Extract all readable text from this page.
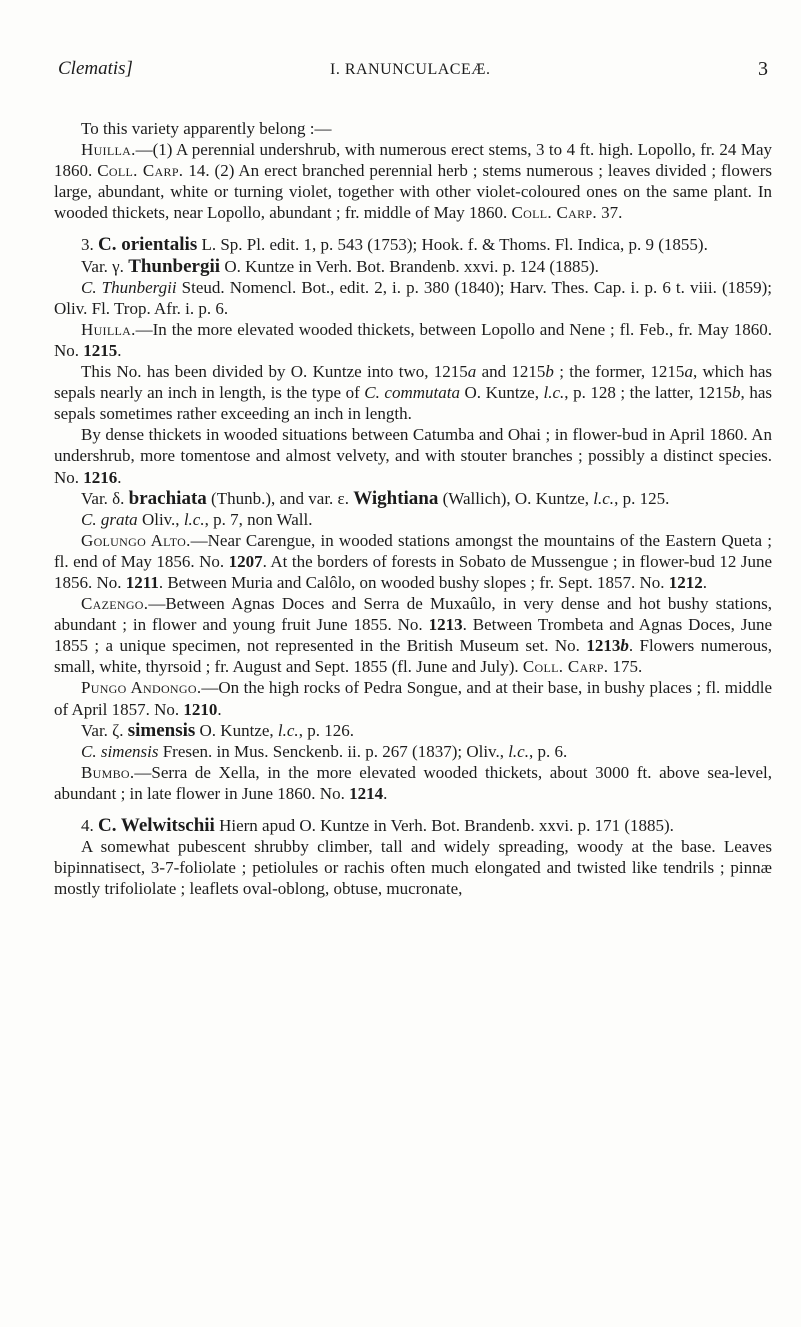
Clematis]	I. RANUNCULACEÆ.	3

To this variety apparently belong :—

Huilla.—(1) A perennial undershrub, with numerous erect stems, 3 to 4 ft. high. Lopollo, fr. 24 May 1860. Coll. Carp. 14. (2) An erect branched perennial herb ; stems numerous ; leaves divided ; flowers large, abundant, white or turning violet, together with other violet-coloured ones on the same plant. In wooded thickets, near Lopollo, abundant ; fr. middle of May 1860. Coll. Carp. 37.

3. C. orientalis L. Sp. Pl. edit. 1, p. 543 (1753); Hook. f. & Thoms. Fl. Indica, p. 9 (1855).

Var. γ. Thunbergii O. Kuntze in Verh. Bot. Brandenb. xxvi. p. 124 (1885).

C. Thunbergii Steud. Nomencl. Bot., edit. 2, i. p. 380 (1840); Harv. Thes. Cap. i. p. 6 t. viii. (1859); Oliv. Fl. Trop. Afr. i. p. 6.

Huilla.—In the more elevated wooded thickets, between Lopollo and Nene ; fl. Feb., fr. May 1860. No. 1215.

This No. has been divided by O. Kuntze into two, 1215a and 1215b ; the former, 1215a, which has sepals nearly an inch in length, is the type of C. commutata O. Kuntze, l.c., p. 128 ; the latter, 1215b, has sepals sometimes rather exceeding an inch in length.

By dense thickets in wooded situations between Catumba and Ohai ; in flower-bud in April 1860. An undershrub, more tomentose and almost velvety, and with stouter branches ; possibly a distinct species. No. 1216.

Var. δ. brachiata (Thunb.), and var. ε. Wightiana (Wallich), O. Kuntze, l.c., p. 125.

C. grata Oliv., l.c., p. 7, non Wall.

Golungo Alto.—Near Carengue, in wooded stations amongst the mountains of the Eastern Queta ; fl. end of May 1856. No. 1207. At the borders of forests in Sobato de Mussengue ; in flower-bud 12 June 1856. No. 1211. Between Muria and Calôlo, on wooded bushy slopes ; fr. Sept. 1857. No. 1212.

Cazengo.—Between Agnas Doces and Serra de Muxaûlo, in very dense and hot bushy stations, abundant ; in flower and young fruit June 1855. No. 1213. Between Trombeta and Agnas Doces, June 1855 ; a unique specimen, not represented in the British Museum set. No. 1213b. Flowers numerous, small, white, thyrsoid ; fr. August and Sept. 1855 (fl. June and July). Coll. Carp. 175.

Pungo Andongo.—On the high rocks of Pedra Songue, and at their base, in bushy places ; fl. middle of April 1857. No. 1210.

Var. ζ. simensis O. Kuntze, l.c., p. 126.

C. simensis Fresen. in Mus. Senckenb. ii. p. 267 (1837); Oliv., l.c., p. 6.

Bumbo.—Serra de Xella, in the more elevated wooded thickets, about 3000 ft. above sea-level, abundant ; in late flower in June 1860. No. 1214.

4. C. Welwitschii Hiern apud O. Kuntze in Verh. Bot. Brandenb. xxvi. p. 171 (1885).

A somewhat pubescent shrubby climber, tall and widely spreading, woody at the base. Leaves bipinnatisect, 3-7-foliolate ; petiolules or rachis often much elongated and twisted like tendrils ; pinnæ mostly trifoliolate ; leaflets oval-oblong, obtuse, mucronate,
